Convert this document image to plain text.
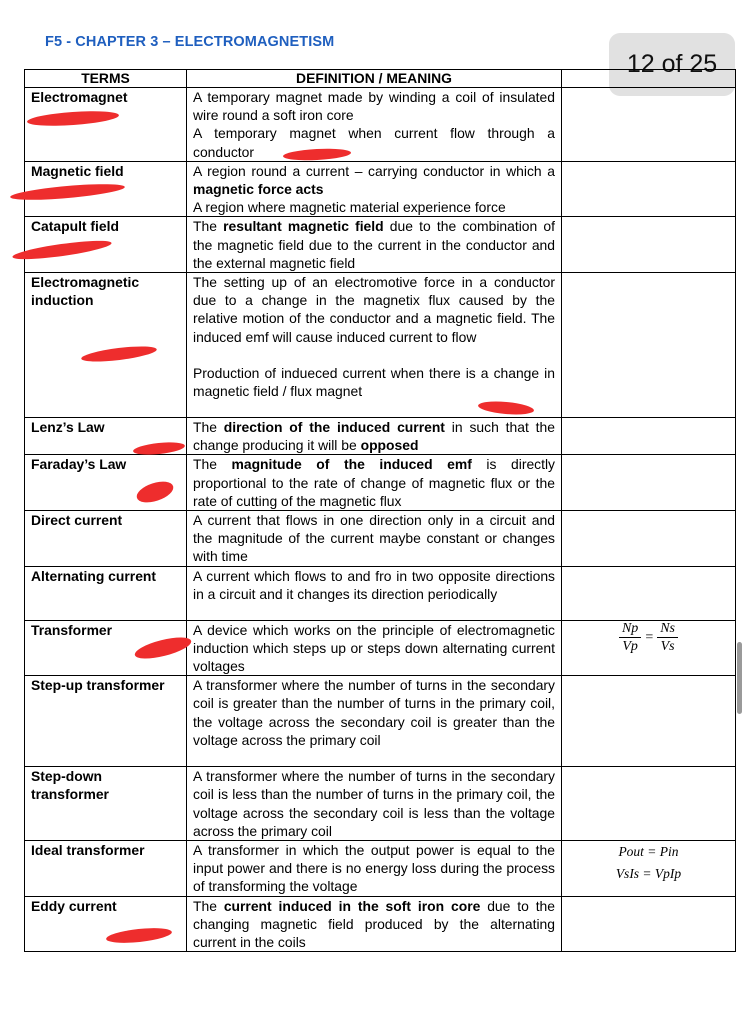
F5 - CHAPTER 3 – ELECTROMAGNETISM
12 of 25
TERMS	DEFINITION / MEANING	
Electromagnet	A temporary magnet made by winding a coil of insulated wire round a soft iron core
A temporary magnet when current flow through a conductor	

Magnetic field	A region round a current – carrying conductor in which a magnetic force acts
A region where magnetic material experience force	

Catapult field	The resultant magnetic field due to the combination of the magnetic field due to the current in the conductor and the external magnetic field	

Electromagnetic induction	The setting up of an electromotive force in a conductor due to a change in the magnetix flux caused by the relative motion of the conductor and a magnetic field. The induced emf will cause induced current to flow
Production of indueced current when there is a change in magnetic field / flux magnet	

Lenz’s Law	The direction of the induced current in such that the change producing it will be opposed	

Faraday’s Law	The magnitude of the induced emf is directly proportional to the rate of change of magnetic flux or the rate of cutting of the magnetic flux	

Direct current	A current that flows in one direction only in a circuit and the magnitude of the current maybe constant or changes with time	

Alternating current	A current which flows to and fro in two opposite directions in a circuit and it changes its direction periodically	

Transformer	A device which works on the principle of electromagnetic induction which steps up or steps down alternating current voltages	$\frac{Np}{Vp} = \frac{Ns}{Vs}$

Step-up transformer	A transformer where the number of turns in the secondary coil is greater than the number of turns in the primary coil, the voltage across the secondary coil is greater than the voltage across the primary coil	

Step-down transformer	A transformer where the number of turns in the secondary coil is less than the number of turns in the primary coil, the voltage across the secondary coil is less than the voltage across the primary coil	

Ideal transformer	A transformer in which the output power is equal to the input power and there is no energy loss during the process of transforming the voltage	Pout = Pin
VsIs = VpIp

Eddy current	The current induced in the soft iron core due to the changing magnetic field produced by the alternating current in the coils	
